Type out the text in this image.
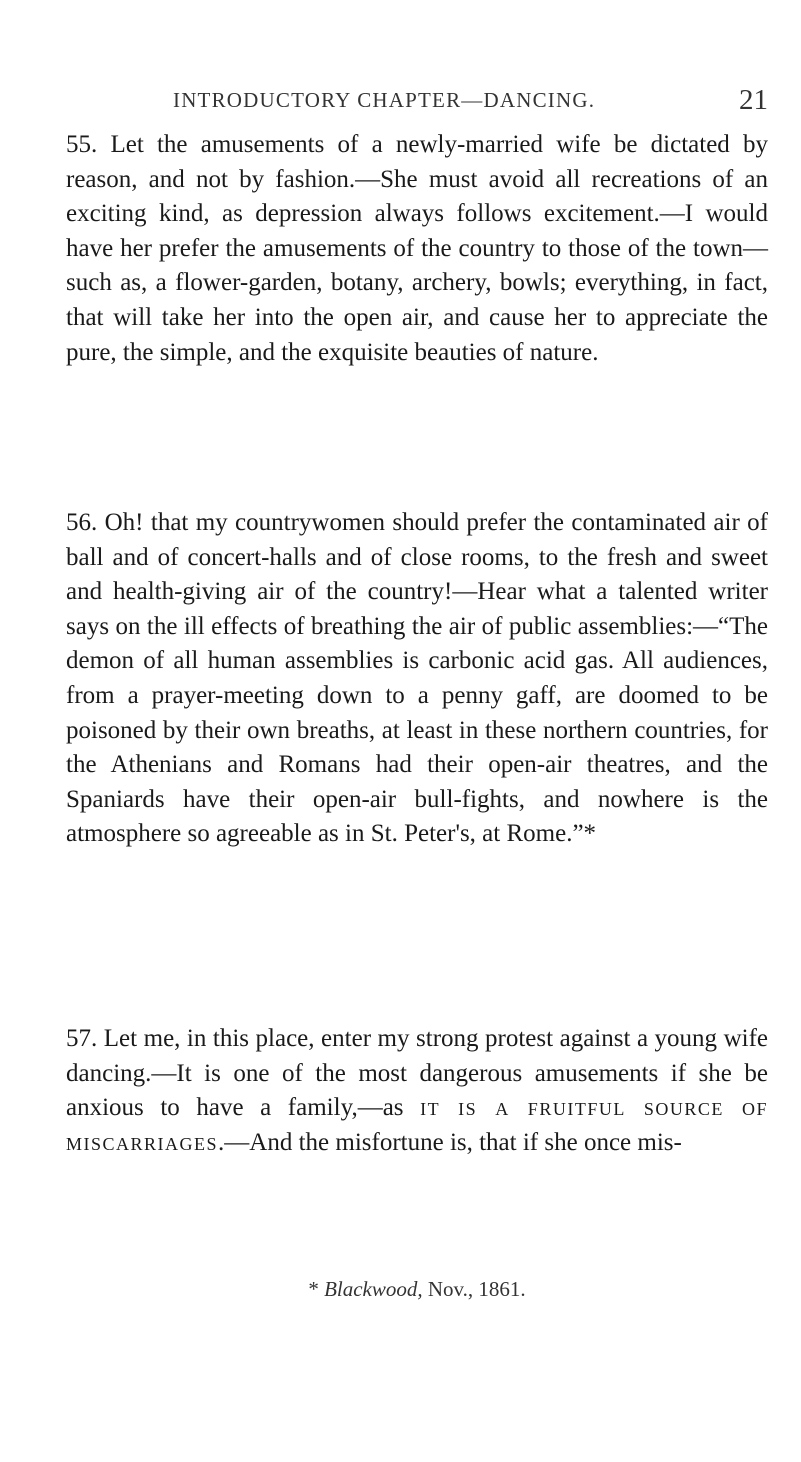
INTRODUCTORY CHAPTER—DANCING.	21

55. Let the amusements of a newly-married wife be dictated by reason, and not by fashion.—She must avoid all recreations of an exciting kind, as depression always follows excitement.—I would have her prefer the amusements of the country to those of the town—such as, a flower-garden, botany, archery, bowls; everything, in fact, that will take her into the open air, and cause her to appreciate the pure, the simple, and the exquisite beauties of nature.

56. Oh! that my countrywomen should prefer the contaminated air of ball and of concert-halls and of close rooms, to the fresh and sweet and health-giving air of the country!—Hear what a talented writer says on the ill effects of breathing the air of public assemblies:—“The demon of all human assemblies is carbonic acid gas. All audiences, from a prayer-meeting down to a penny gaff, are doomed to be poisoned by their own breaths, at least in these northern countries, for the Athenians and Romans had their open-air theatres, and the Spaniards have their open-air bull-fights, and nowhere is the atmosphere so agreeable as in St. Peter's, at Rome.”*

57. Let me, in this place, enter my strong protest against a young wife dancing.—It is one of the most dangerous amusements if she be anxious to have a family,—as it is a fruitful source of miscarriages.—And the misfortune is, that if she once mis-

* Blackwood, Nov., 1861.
